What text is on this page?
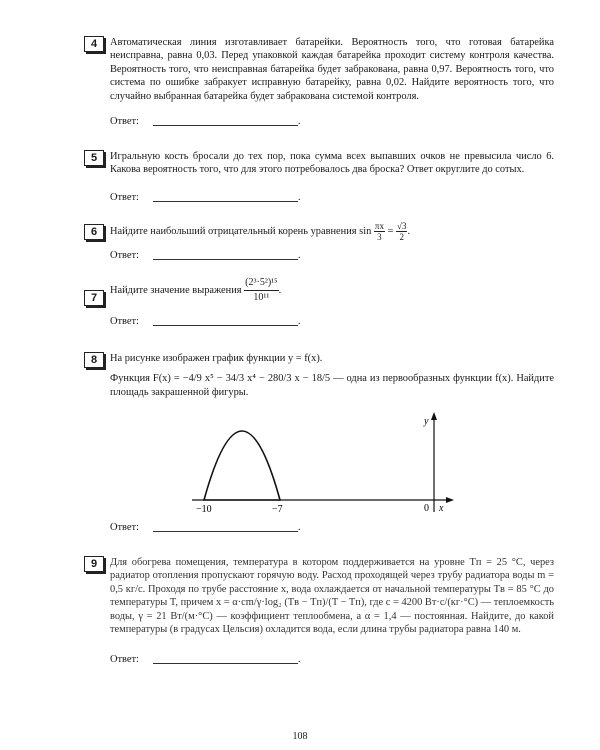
4	Автоматическая линия изготавливает батарейки. Вероятность того, что готовая батарейка неисправна, равна 0,03. Перед упаковкой каждая батарейка проходит систему контроля качества. Вероятность того, что неисправная батарейка будет забракована, равна 0,97. Вероятность того, что система по ошибке забракует исправную батарейку, равна 0,02. Найдите вероятность того, что случайно выбранная батарейка будет забракована системой контроля.
Ответ:	.
5	Игральную кость бросали до тех пор, пока сумма всех выпавших очков не превысила число 6. Какова вероятность того, что для этого потребовалось два броска? Ответ округлите до сотых.
Ответ:	.
6	Найдите наибольший отрицательный корень уравнения $\sin \frac{\pi x}{3} = \frac{√3}{2}$ .
Ответ:	.
7
Найдите значение выражения $\frac{\text{(2³·5²)¹⁵}}{\text{10¹¹}}$ .
Ответ:	.
8	На рисунке изображен график функции y = f(x).
Функция F(x) = −4/9 x⁵ − 34/3 x⁴ − 280/3 x − 18/5 — одна из первообразных функции f(x). Найдите площадь закрашенной фигуры.
y
x
0
−10	−7
Ответ:	.
9	Для обогрева помещения, температура в котором поддерживается на уровне Tп = 25 °С, через радиатор отопления пропускают горячую воду. Расход проходящей через трубу радиатора воды m = 0,5 кг/с. Проходя по трубе расстояние x, вода охлаждается от начальной температуры Tв = 85 °С до температуры T, причем x = α·cm/γ·log₂ (Tв − Tп)/(T − Tп), где c = 4200 Вт·с/(кг·°С) — теплоемкость воды, γ = 21 Вт/(м·°С) — коэффициент теплообмена, а α = 1,4 — постоянная. Найдите, до какой температуры (в градусах Цельсия) охладится вода, если длина трубы радиатора равна 140 м.
Ответ:	.
108
